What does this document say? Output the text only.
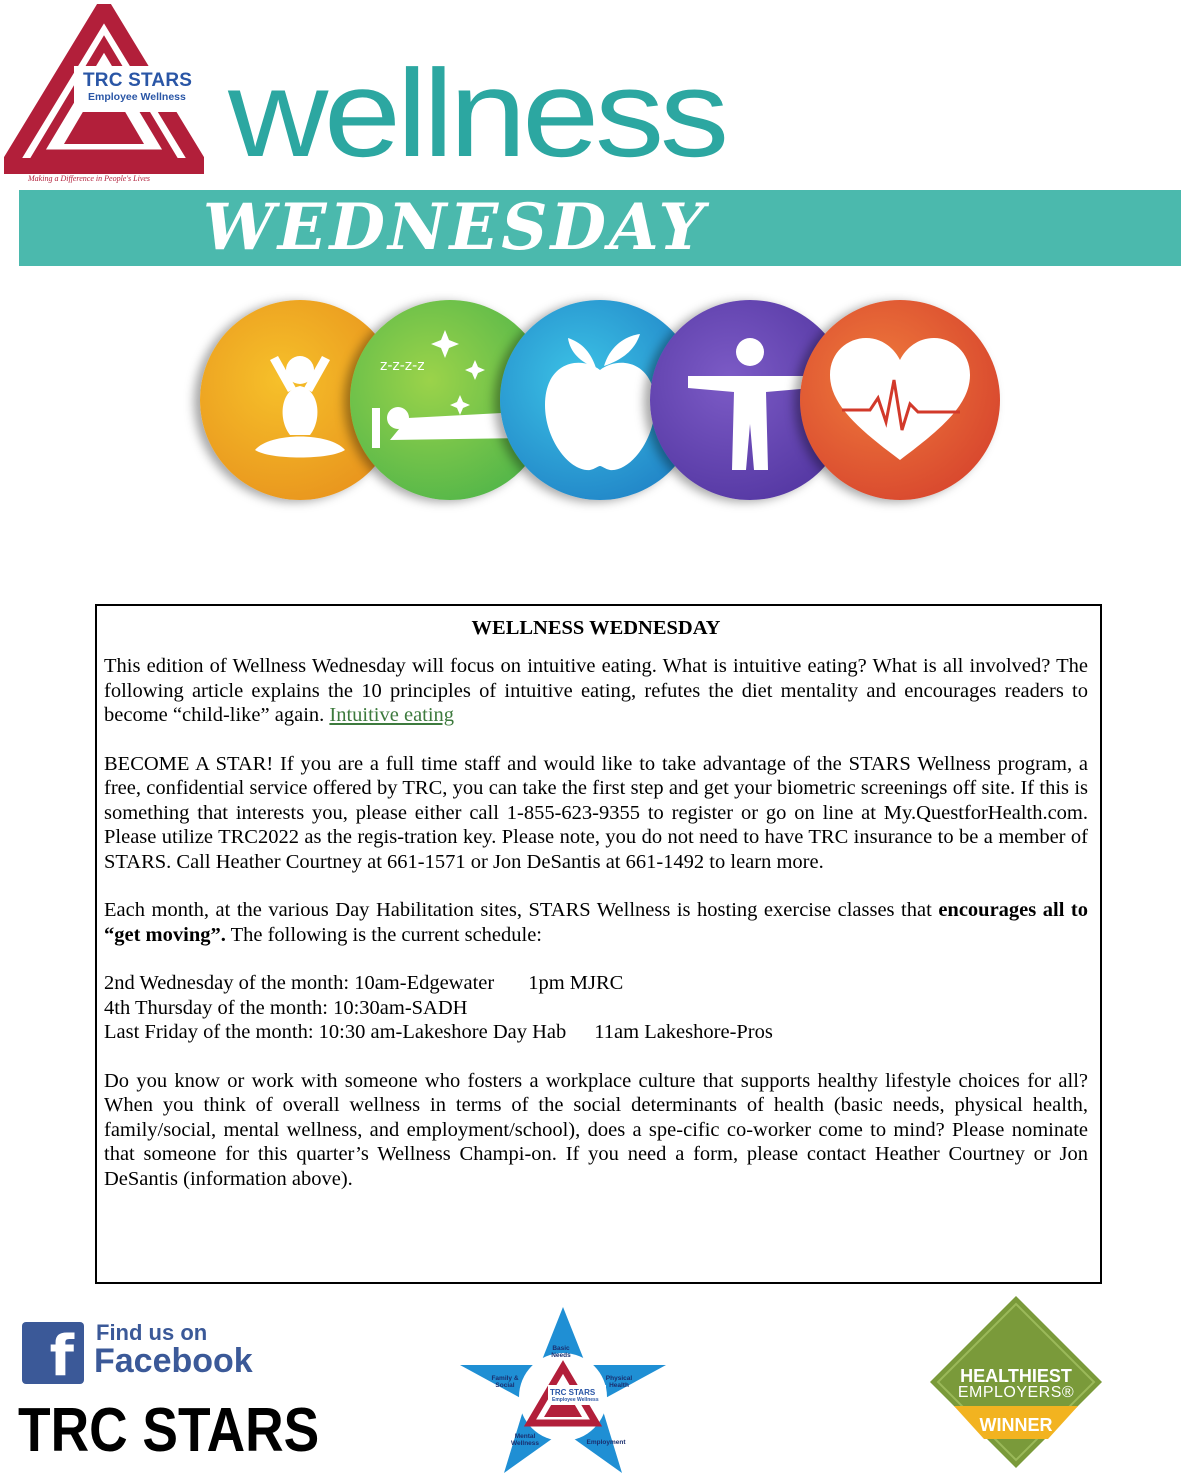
TRC STARS
Employee Wellness
Making a Difference in People's Lives wellness
WEDNESDAY
z-z-z-z
WELLNESS WEDNESDAY

This edition of Wellness Wednesday will focus on intuitive eating. What is intuitive eating? What is all involved? The following article explains the 10 principles of intuitive eating, refutes the diet mentality and encourages readers to become “child-like” again. Intuitive eating

BECOME A STAR! If you are a full time staff and would like to take advantage of the STARS Wellness program, a free, confidential service offered by TRC, you can take the first step and get your biometric screenings off site. If this is something that interests you, please either call 1-855-623-9355 to register or go on line at My.QuestforHealth.com. Please utilize TRC2022 as the regis-tration key. Please note, you do not need to have TRC insurance to be a member of STARS. Call Heather Courtney at 661-1571 or Jon DeSantis at 661-1492 to learn more.

Each month, at the various Day Habilitation sites, STARS Wellness is hosting exercise classes that encourages all to “get moving”. The following is the current schedule:

2nd Wednesday of the month: 10am-Edgewater 1pm MJRC
4th Thursday of the month: 10:30am-SADH
Last Friday of the month: 10:30 am-Lakeshore Day Hab 11am Lakeshore-Pros

Do you know or work with someone who fosters a workplace culture that supports healthy lifestyle choices for all? When you think of overall wellness in terms of the social determinants of health (basic needs, physical health, family/social, mental wellness, and employment/school), does a spe-cific co-worker come to mind? Please nominate that someone for this quarter’s Wellness Champi-on. If you need a form, please contact Heather Courtney or Jon DeSantis (information above).

f	Find us on
Facebook
TRC STARS
Basic Needs
Family & Social
Physical Health
Mental Wellness	Employment
TRC STARS
Employee Wellness
HEALTHIEST
EMPLOYERS®
WINNER
